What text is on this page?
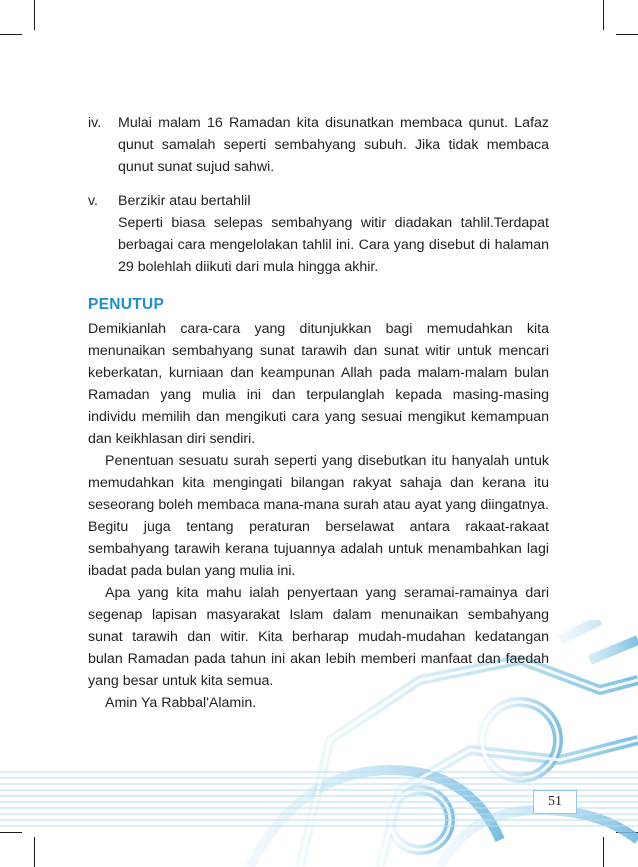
iv. Mulai malam 16 Ramadan kita disunatkan membaca qunut. Lafaz qunut samalah seperti sembahyang subuh. Jika tidak membaca qunut sunat sujud sahwi.
v. Berzikir atau bertahlil
Seperti biasa selepas sembahyang witir diadakan tahlil.Terdapat berbagai cara mengelolakan tahlil ini. Cara yang disebut di halaman 29 bolehlah diikuti dari mula hingga akhir.
PENUTUP

Demikianlah cara-cara yang ditunjukkan bagi memudahkan kita menunaikan sembahyang sunat tarawih dan sunat witir untuk mencari keberkatan, kurniaan dan keampunan Allah pada malam-malam bulan Ramadan yang mulia ini dan terpulanglah kepada masing-masing individu memilih dan mengikuti cara yang sesuai mengikut kemampuan dan keikhlasan diri sendiri.

Penentuan sesuatu surah seperti yang disebutkan itu hanyalah untuk memudahkan kita mengingati bilangan rakyat sahaja dan kerana itu seseorang boleh membaca mana-mana surah atau ayat yang diingatnya. Begitu juga tentang peraturan berselawat antara rakaat-rakaat sembahyang tarawih kerana tujuannya adalah untuk menambahkan lagi ibadat pada bulan yang mulia ini.

Apa yang kita mahu ialah penyertaan yang seramai-ramainya dari segenap lapisan masyarakat Islam dalam menunaikan sembahyang sunat tarawih dan witir. Kita berharap mudah-mudahan kedatangan bulan Ramadan pada tahun ini akan lebih memberi manfaat dan faedah yang besar untuk kita semua.

Amin Ya Rabbal'Alamin.

51
